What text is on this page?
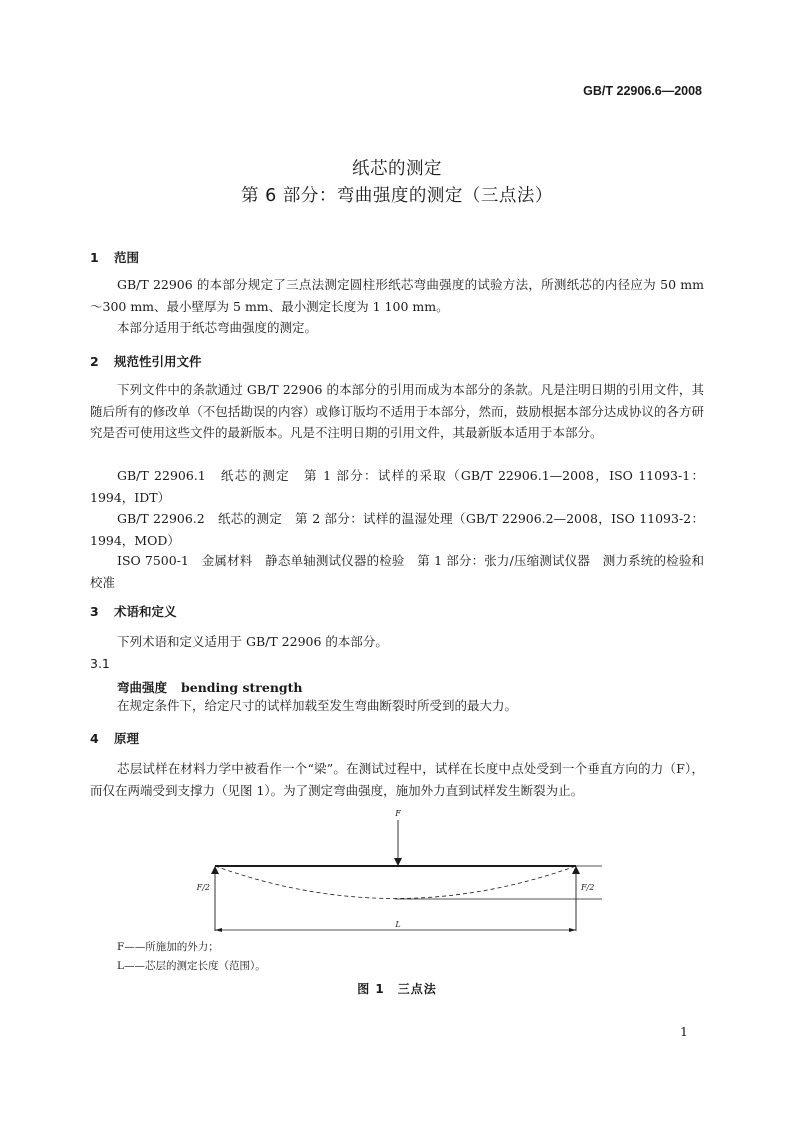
GB/T 22906.6—2008
纸芯的测定
第 6 部分：弯曲强度的测定（三点法）
1 范围
GB/T 22906 的本部分规定了三点法测定圆柱形纸芯弯曲强度的试验方法，所测纸芯的内径应为 50 mm～300 mm、最小壁厚为 5 mm、最小测定长度为 1 100 mm。
本部分适用于纸芯弯曲强度的测定。
2 规范性引用文件
下列文件中的条款通过 GB/T 22906 的本部分的引用而成为本部分的条款。凡是注明日期的引用文件，其随后所有的修改单（不包括勘误的内容）或修订版均不适用于本部分，然而，鼓励根据本部分达成协议的各方研究是否可使用这些文件的最新版本。凡是不注明日期的引用文件，其最新版本适用于本部分。
GB/T 22906.1　纸芯的测定　第 1 部分：试样的采取（GB/T 22906.1—2008，ISO 11093-1：1994，IDT）
GB/T 22906.2　纸芯的测定　第 2 部分：试样的温湿处理（GB/T 22906.2—2008，ISO 11093-2：1994，MOD）
ISO 7500-1　金属材料　静态单轴测试仪器的检验　第 1 部分：张力/压缩测试仪器　测力系统的检验和校准
3 术语和定义
下列术语和定义适用于 GB/T 22906 的本部分。
3.1
弯曲强度 bending strength
在规定条件下，给定尺寸的试样加载至发生弯曲断裂时所受到的最大力。
4 原理
芯层试样在材料力学中被看作一个“梁”。在测试过程中，试样在长度中点处受到一个垂直方向的力（F），而仅在两端受到支撑力（见图 1）。为了测定弯曲强度，施加外力直到试样发生断裂为止。
F
F/2	F/2
L
F——所施加的外力；
L——芯层的测定长度（范围）。
图 1　三点法
1
